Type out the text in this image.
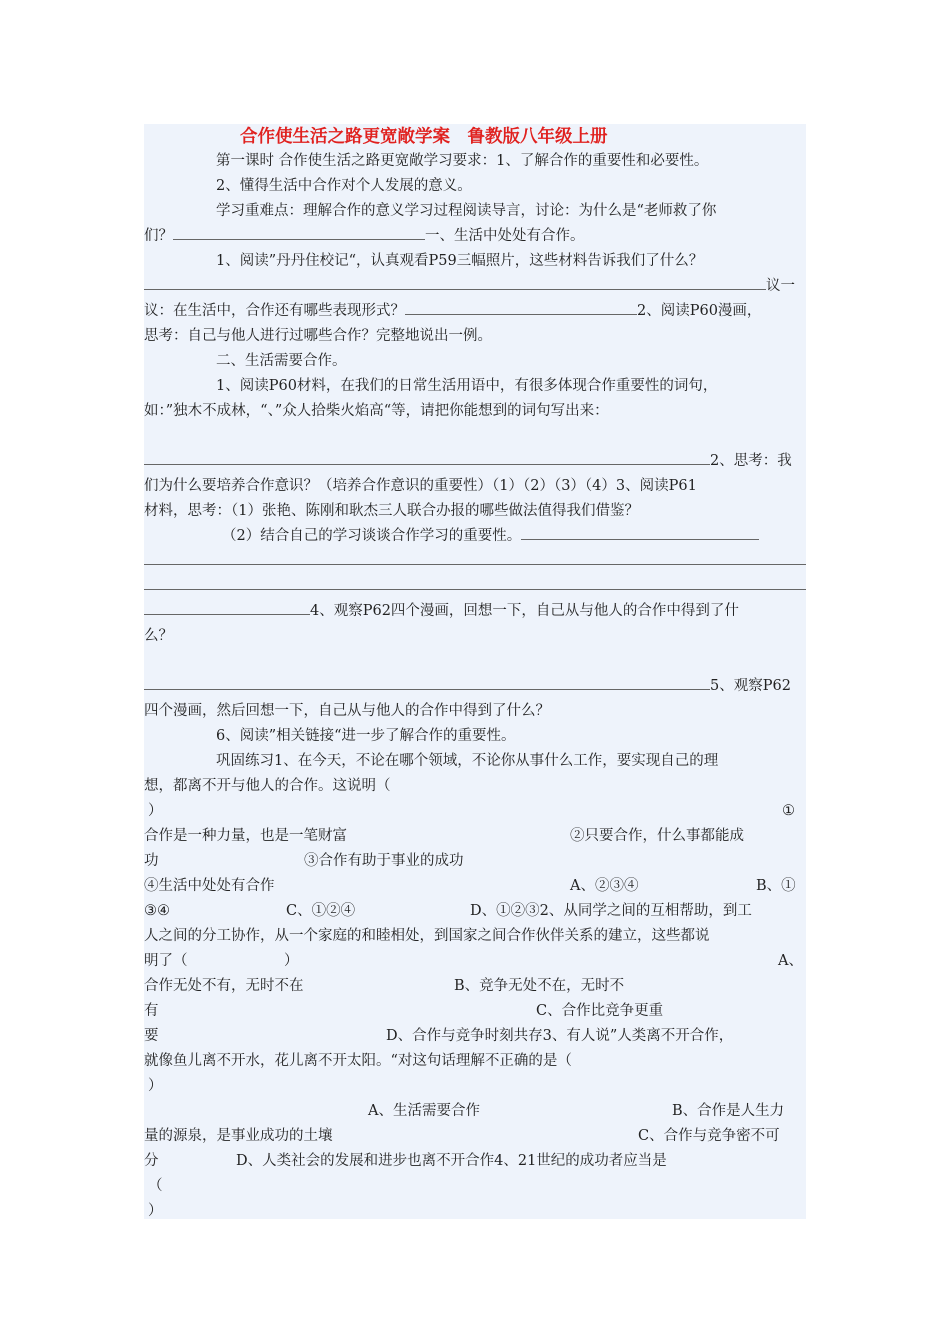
合作使生活之路更宽敞学案　鲁教版八年级上册
第一课时 合作使生活之路更宽敞学习要求：1、了解合作的重要性和必要性。
2、懂得生活中合作对个人发展的意义。
学习重难点：理解合作的意义学习过程阅读导言，讨论：为什么是“老师救了你
们？	一、生活中处处有合作。
1、阅读”丹丹住校记“，认真观看P59三幅照片，这些材料告诉我们了什么？
议一
议：在生活中，合作还有哪些表现形式？	2、阅读P60漫画，
思考：自己与他人进行过哪些合作？完整地说出一例。
二、生活需要合作。
1、阅读P60材料，在我们的日常生活用语中，有很多体现合作重要性的词句，
如：”独木不成林，“、”众人拾柴火焰高“等，请把你能想到的词句写出来：
2、思考：我
们为什么要培养合作意识？（培养合作意识的重要性）（1）（2）（3）（4）3、阅读P61
材料，思考：（1）张艳、陈刚和耿杰三人联合办报的哪些做法值得我们借鉴？
（2）结合自己的学习谈谈合作学习的重要性。
4、观察P62四个漫画，回想一下，自己从与他人的合作中得到了什
么？
5、观察P62
四个漫画，然后回想一下，自己从与他人的合作中得到了什么？
6、阅读”相关链接“进一步了解合作的重要性。
巩固练习1、在今天，不论在哪个领域，不论你从事什么工作，要实现自己的理
想，都离不开与他人的合作。这说明（
）	①
合作是一种力量，也是一笔财富	②只要合作，什么事都能成
功	③合作有助于事业的成功
④生活中处处有合作	A、②③④	B、①
③④	C、①②④	D、①②③2、从同学之间的互相帮助，到工
人之间的分工协作，从一个家庭的和睦相处，到国家之间合作伙伴关系的建立，这些都说
明了（	）	A、
合作无处不有，无时不在	B、竞争无处不在，无时不
有	C、合作比竞争更重
要	D、合作与竞争时刻共存3、有人说”人类离不开合作，
就像鱼儿离不开水，花儿离不开太阳。“对这句话理解不正确的是（
）
A、生活需要合作	B、合作是人生力
量的源泉，是事业成功的土壤	C、合作与竞争密不可
分	D、人类社会的发展和进步也离不开合作4、21世纪的成功者应当是
（
）
